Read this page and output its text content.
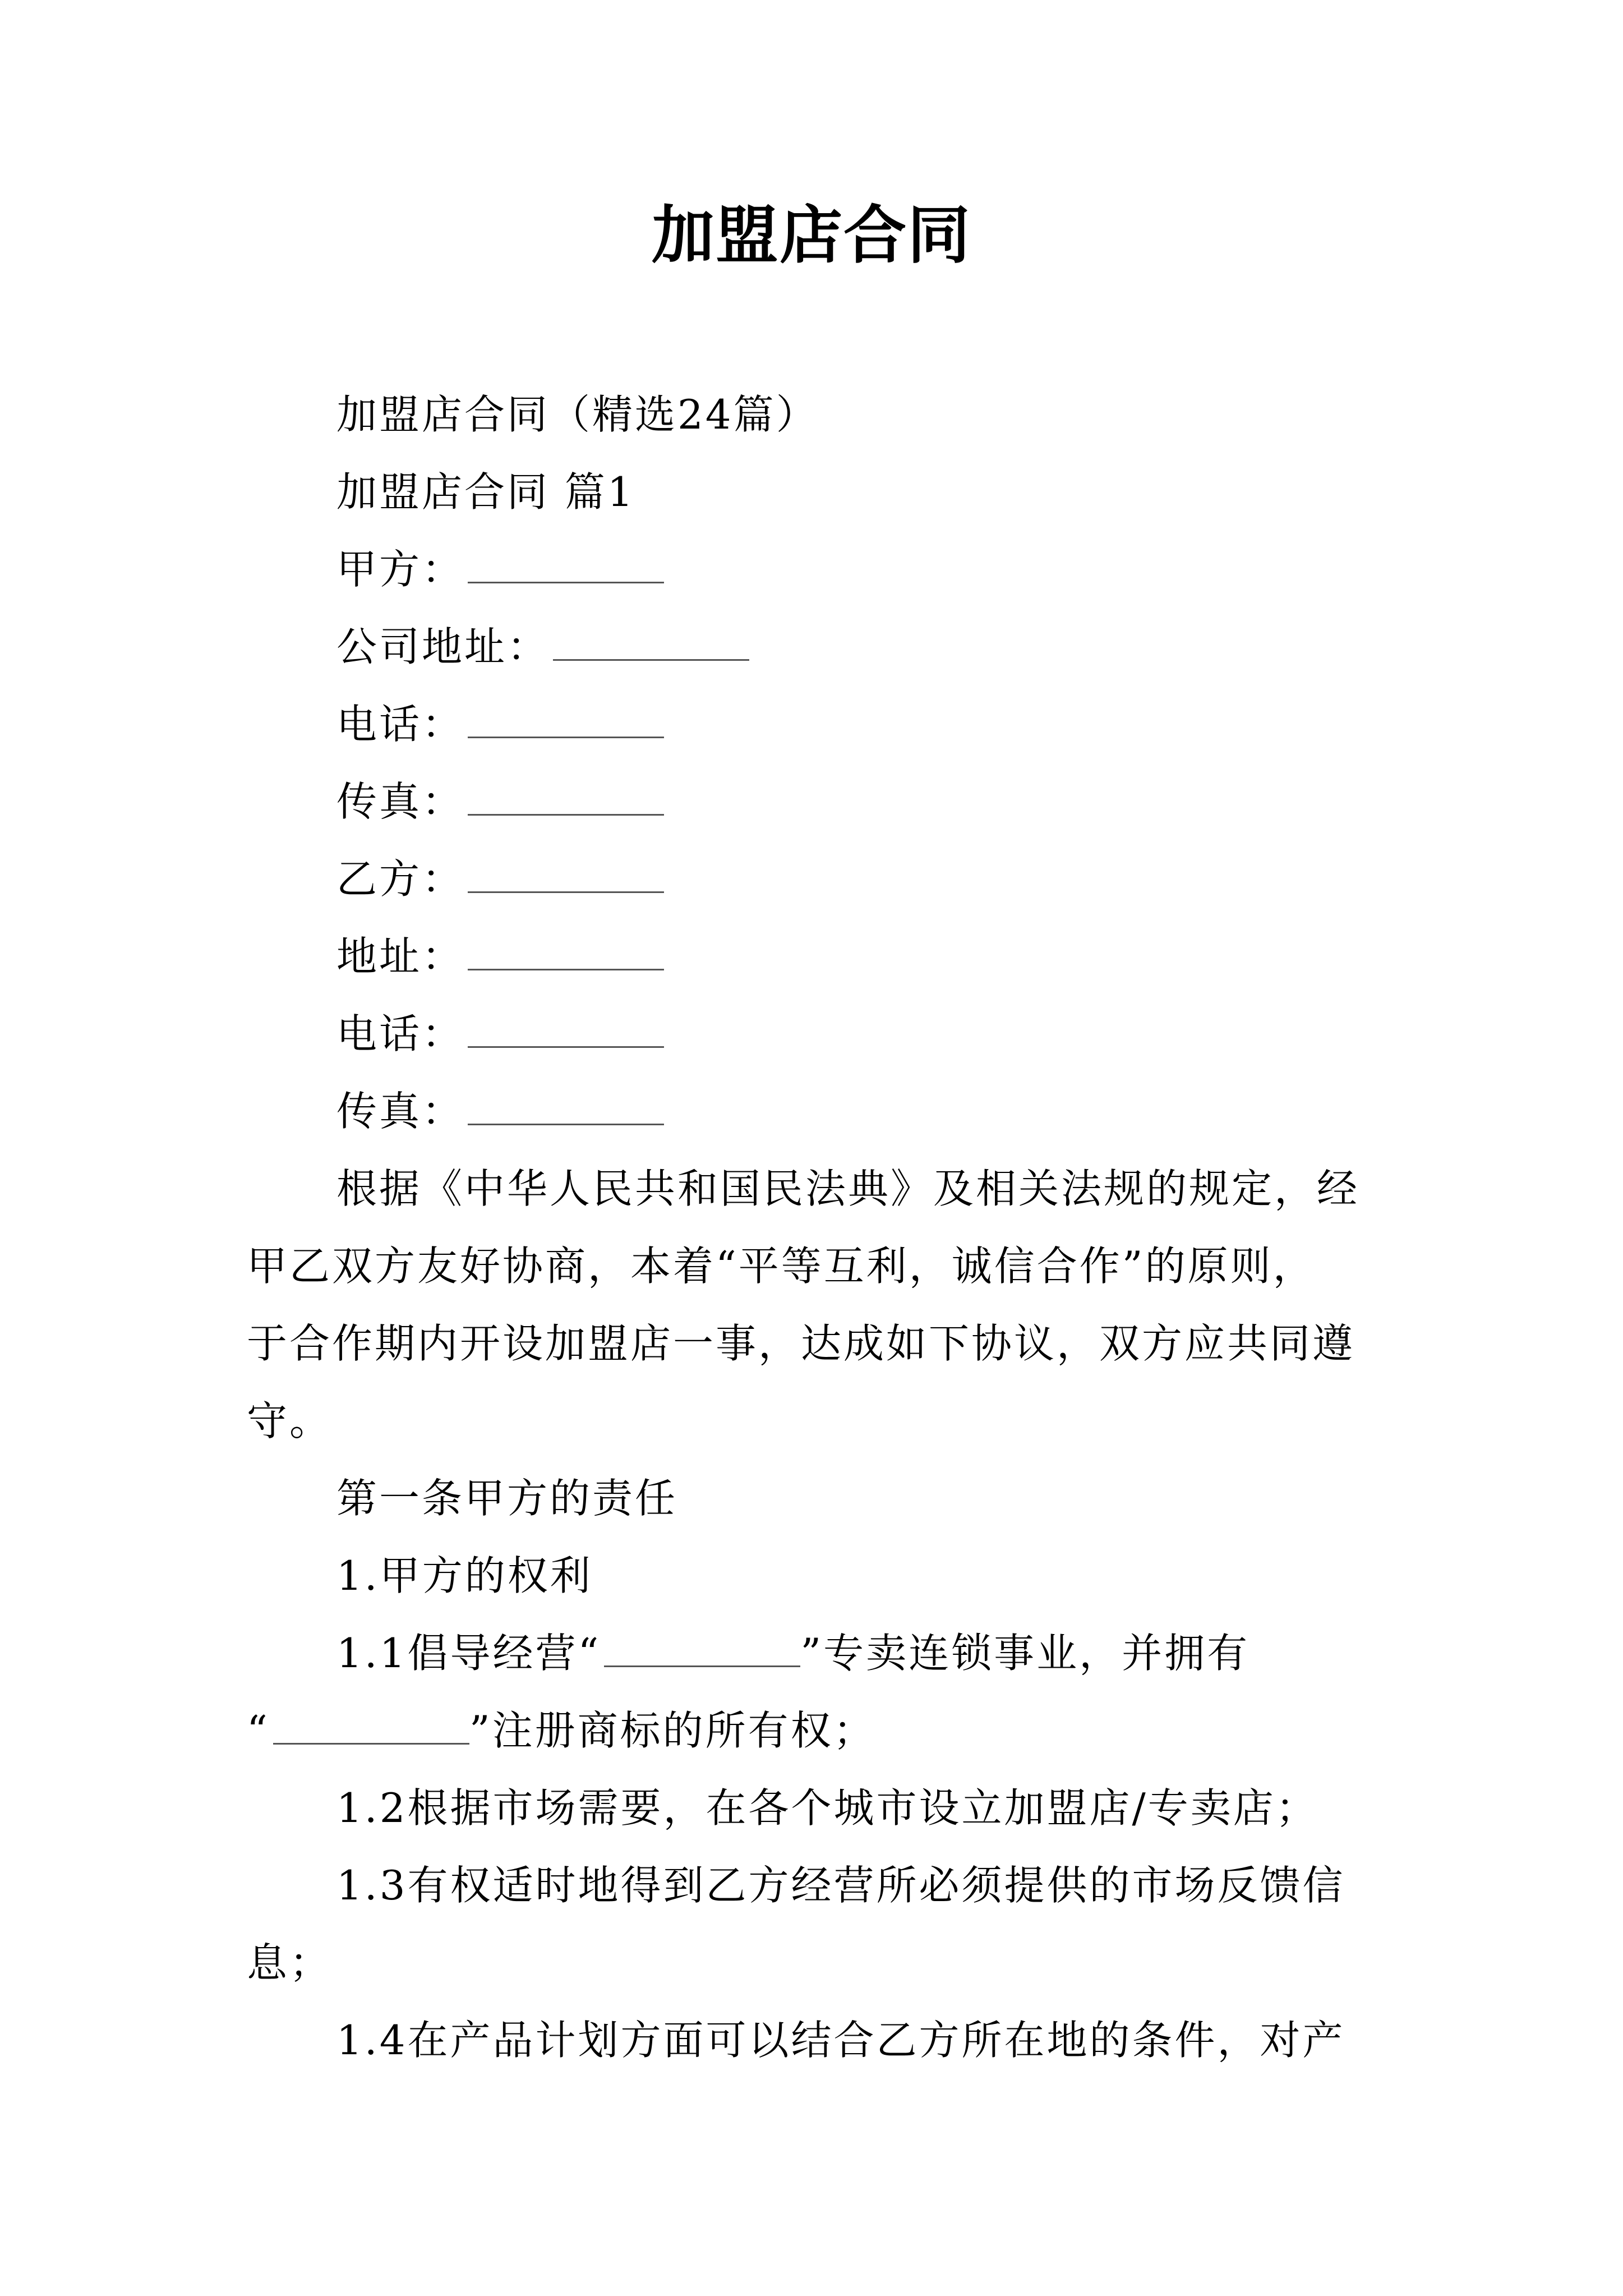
加盟店合同
加盟店合同（精选24篇）
加盟店合同 篇1
甲方：
公司地址：
电话：
传真：
乙方：
地址：
电话：
传真：
根据《中华人民共和国民法典》及相关法规的规定，经
甲乙双方友好协商，本着“平等互利，诚信合作”的原则，
于合作期内开设加盟店一事，达成如下协议，双方应共同遵
守。
第一条甲方的责任
1.甲方的权利
1.1倡导经营“	”专卖连锁事业，并拥有
“	”注册商标的所有权；
1.2根据市场需要，在各个城市设立加盟店/专卖店；
1.3有权适时地得到乙方经营所必须提供的市场反馈信
息；
1.4在产品计划方面可以结合乙方所在地的条件，对产
